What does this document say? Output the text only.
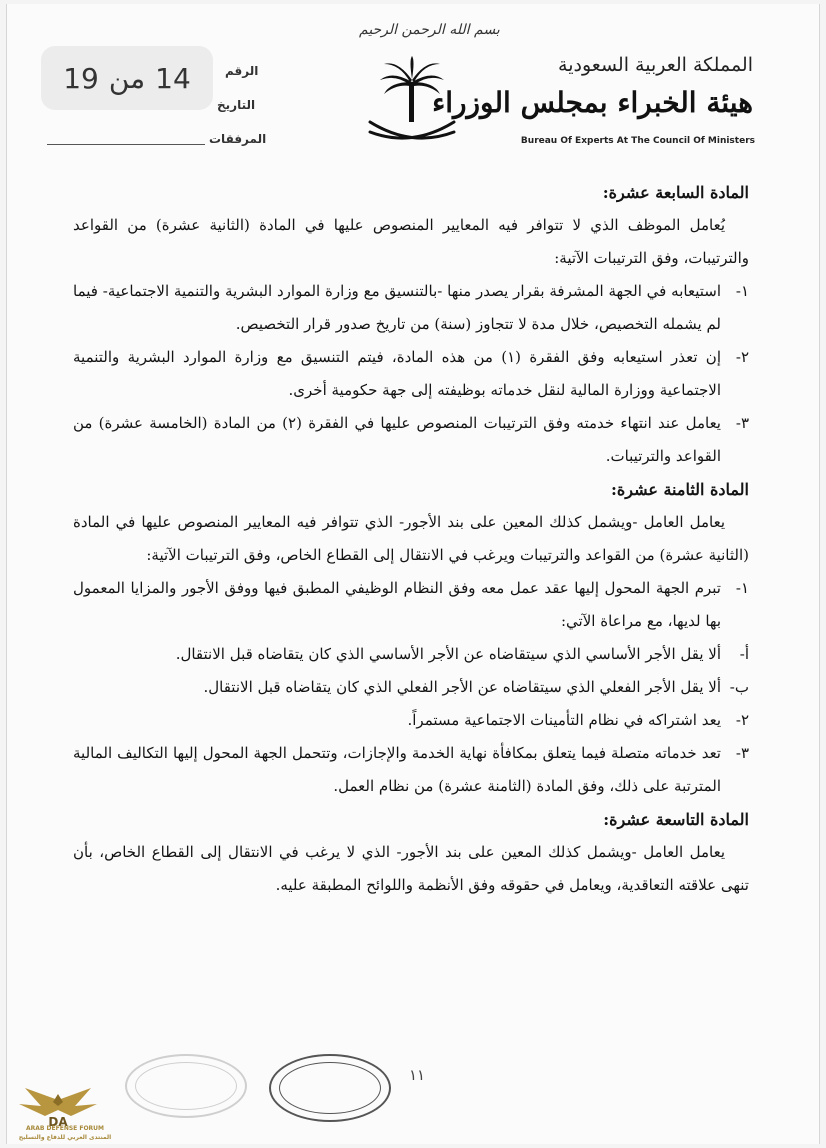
14
من
19	الرقم
التاريخ
المرفقات
بسم الله الرحمن الرحيم
المملكة العربية السعودية
هيئة الخبراء بمجلس الوزراء
Bureau Of Experts At The Council Of Ministers

المادة السابعة عشرة:

يُعامل الموظف الذي لا تتوافر فيه المعايير المنصوص عليها في المادة (الثانية عشرة) من القواعد والترتيبات، وفق الترتيبات الآتية:

١-
استيعابه في الجهة المشرفة بقرار يصدر منها -بالتنسيق مع وزارة الموارد البشرية والتنمية الاجتماعية- فيما لم يشمله التخصيص، خلال مدة لا تتجاوز (سنة) من تاريخ صدور قرار التخصيص.

٢-
إن تعذر استيعابه وفق الفقرة (١) من هذه المادة، فيتم التنسيق مع وزارة الموارد البشرية والتنمية الاجتماعية ووزارة المالية لنقل خدماته بوظيفته إلى جهة حكومية أخرى.

٣-
يعامل عند انتهاء خدمته وفق الترتيبات المنصوص عليها في الفقرة (٢) من المادة (الخامسة عشرة) من القواعد والترتيبات.

المادة الثامنة عشرة:

يعامل العامل -ويشمل كذلك المعين على بند الأجور- الذي تتوافر فيه المعايير المنصوص عليها في المادة (الثانية عشرة) من القواعد والترتيبات ويرغب في الانتقال إلى القطاع الخاص، وفق الترتيبات الآتية:

١-
تبرم الجهة المحول إليها عقد عمل معه وفق النظام الوظيفي المطبق فيها ووفق الأجور والمزايا المعمول بها لديها، مع مراعاة الآتي:

أ-
ألا يقل الأجر الأساسي الذي سيتقاضاه عن الأجر الأساسي الذي كان يتقاضاه قبل الانتقال.

ب-
ألا يقل الأجر الفعلي الذي سيتقاضاه عن الأجر الفعلي الذي كان يتقاضاه قبل الانتقال.

٢-
يعد اشتراكه في نظام التأمينات الاجتماعية مستمراً.

٣-
تعد خدماته متصلة فيما يتعلق بمكافأة نهاية الخدمة والإجازات، وتتحمل الجهة المحول إليها التكاليف المالية المترتبة على ذلك، وفق المادة (الثامنة عشرة) من نظام العمل.

المادة التاسعة عشرة:

يعامل العامل -ويشمل كذلك المعين على بند الأجور- الذي لا يرغب في الانتقال إلى القطاع الخاص، بأن تنهى علاقته التعاقدية، ويعامل في حقوقه وفق الأنظمة واللوائح المطبقة عليه.

١١
DA
ARAB DEFENSE FORUM
المنتدى العربي للدفاع والتسليح
